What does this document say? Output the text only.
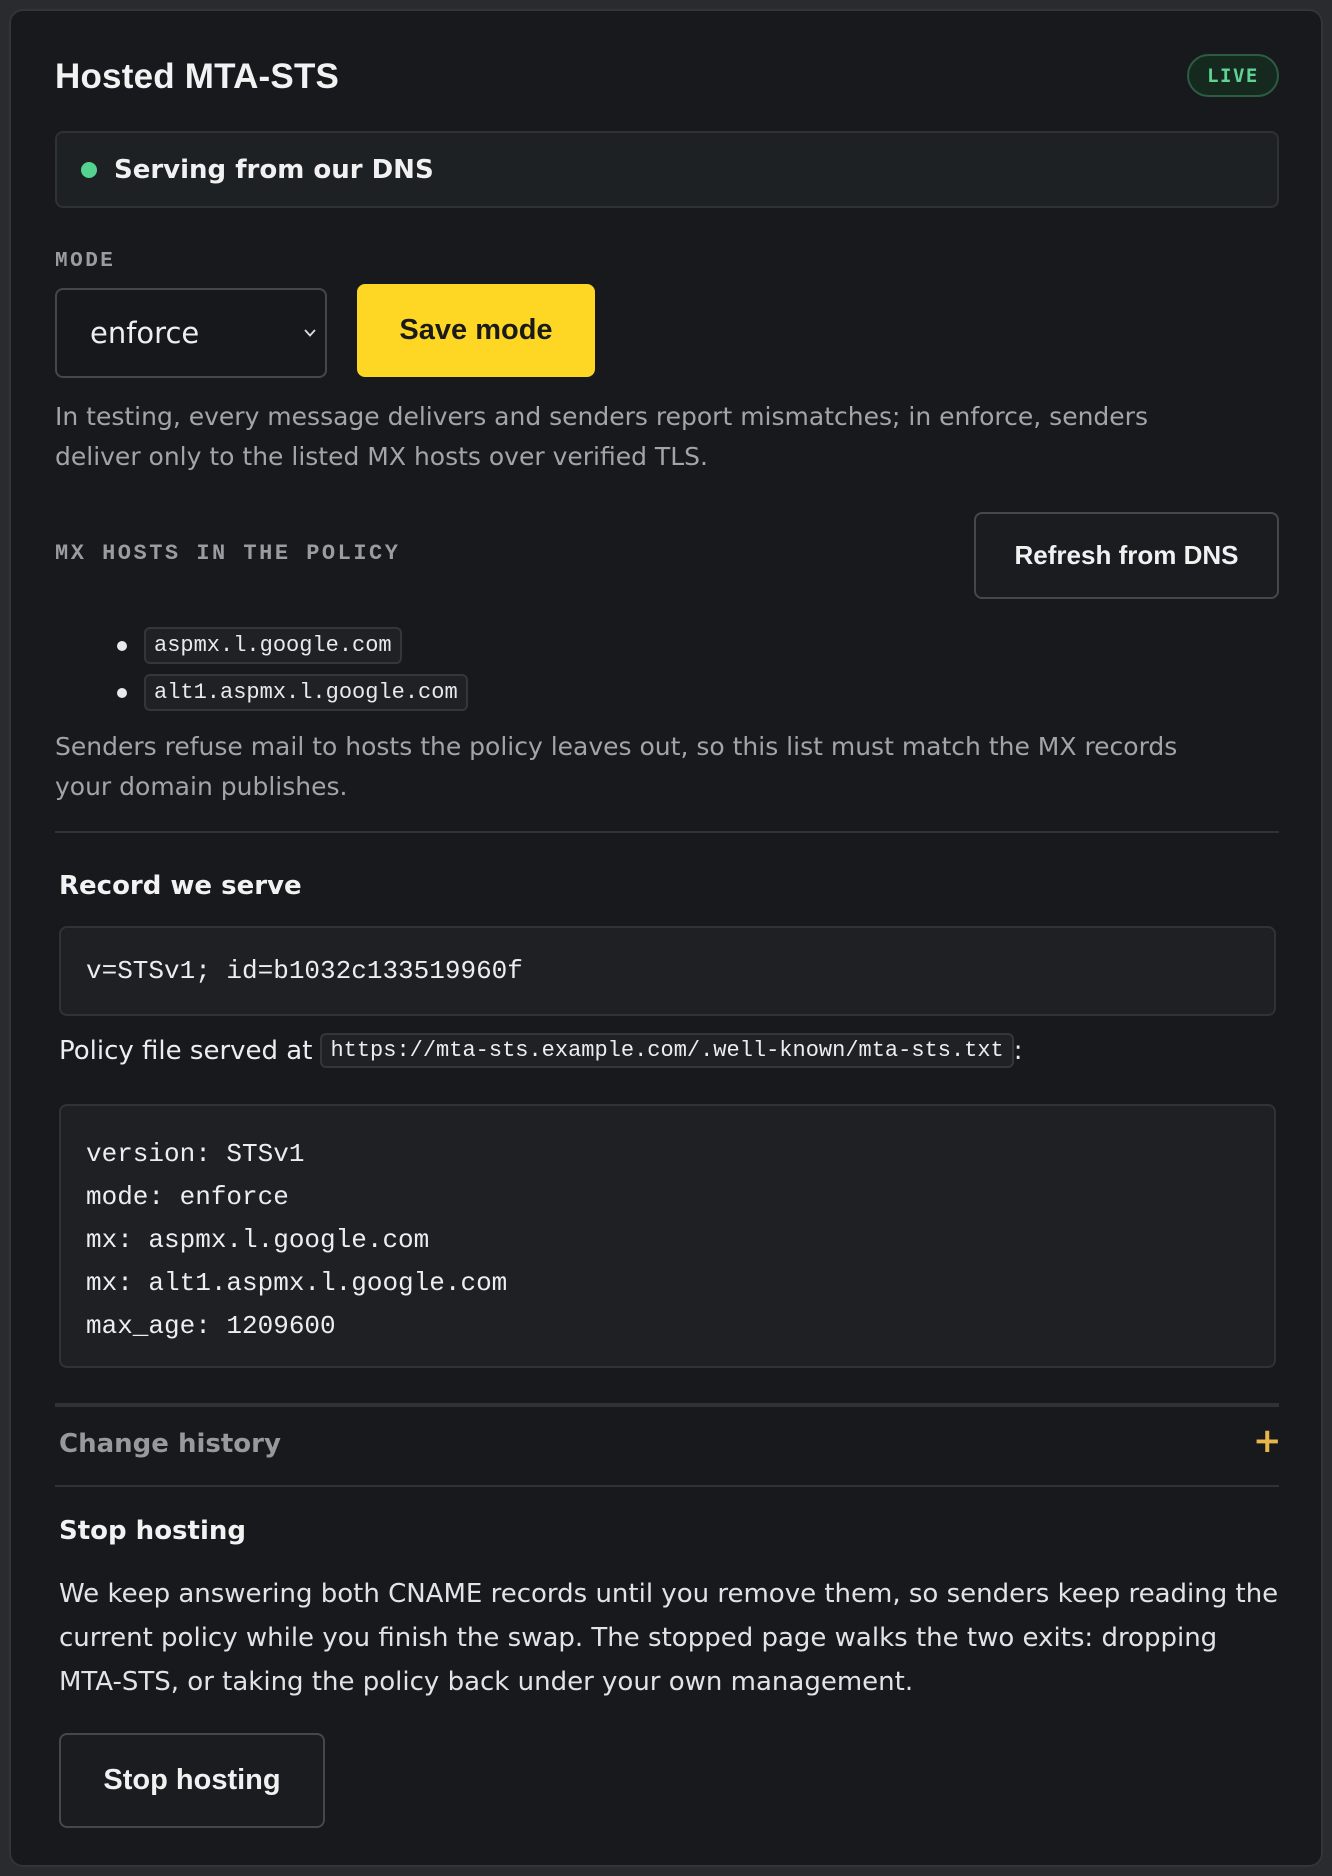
Hosted MTA-STS	LIVE
Serving from our DNS
MODE
enforce	Save mode

In testing, every message delivers and senders report mismatches; in enforce, senders deliver only to the listed MX hosts over verified TLS.

MX HOSTS IN THE POLICY	Refresh from DNS
aspmx.l.google.com
alt1.aspmx.l.google.com

Senders refuse mail to hosts the policy leaves out, so this list must match the MX records your domain publishes.

Record we serve
v=STSv1; id=b1032c133519960f
Policy file served at https://mta-sts.example.com/.well-known/mta-sts.txt :
version: STSv1
mode: enforce
mx: aspmx.l.google.com
mx: alt1.aspmx.l.google.com
max_age: 1209600
Change history	+
Stop hosting

We keep answering both CNAME records until you remove them, so senders keep reading the current policy while you finish the swap. The stopped page walks the two exits: dropping MTA-STS, or taking the policy back under your own management.

Stop hosting
